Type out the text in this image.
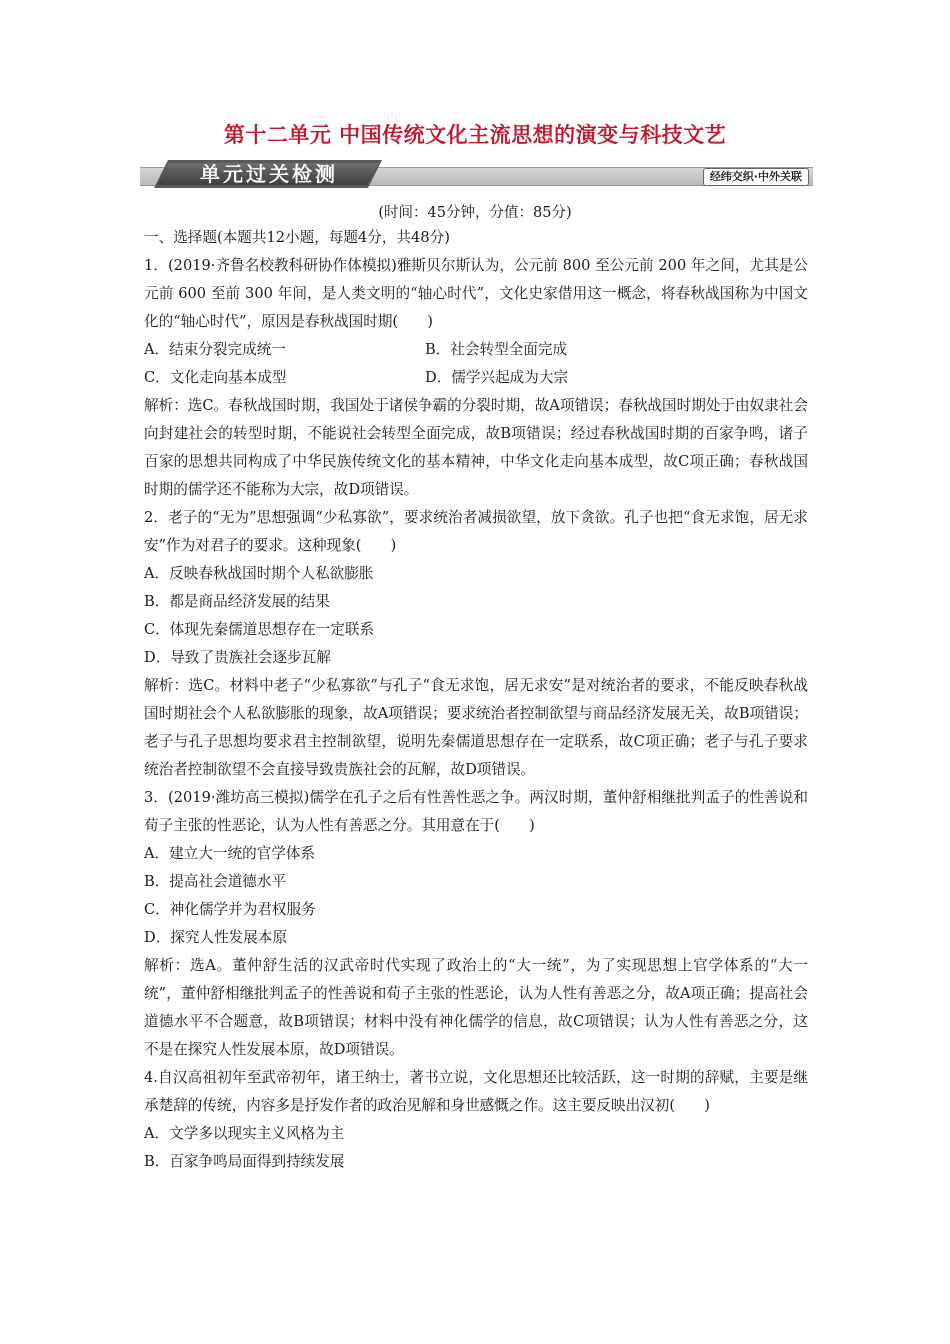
第十二单元 中国传统文化主流思想的演变与科技文艺
单元过关检测	经纬交织·中外关联
(时间：45分钟，分值：85分)

一、选择题(本题共12小题，每题4分，共48分)

1．(2019·齐鲁名校教科研协作体模拟)雅斯贝尔斯认为，公元前 800 至公元前 200 年之间，尤其是公元前 600 至前 300 年间，是人类文明的“轴心时代”，文化史家借用这一概念，将春秋战国称为中国文化的“轴心时代”，原因是春秋战国时期(　　)

A．结束分裂完成统一	B．社会转型全面完成
C．文化走向基本成型	D．儒学兴起成为大宗

解析：选C。春秋战国时期，我国处于诸侯争霸的分裂时期，故A项错误；春秋战国时期处于由奴隶社会向封建社会的转型时期，不能说社会转型全面完成，故B项错误；经过春秋战国时期的百家争鸣，诸子百家的思想共同构成了中华民族传统文化的基本精神，中华文化走向基本成型，故C项正确；春秋战国时期的儒学还不能称为大宗，故D项错误。

2．老子的“无为”思想强调“少私寡欲”，要求统治者减损欲望，放下贪欲。孔子也把“食无求饱，居无求安”作为对君子的要求。这种现象(　　)

A．反映春秋战国时期个人私欲膨胀

B．都是商品经济发展的结果

C．体现先秦儒道思想存在一定联系

D．导致了贵族社会逐步瓦解

解析：选C。材料中老子“少私寡欲”与孔子“食无求饱，居无求安”是对统治者的要求，不能反映春秋战国时期社会个人私欲膨胀的现象，故A项错误；要求统治者控制欲望与商品经济发展无关，故B项错误；老子与孔子思想均要求君主控制欲望，说明先秦儒道思想存在一定联系，故C项正确；老子与孔子要求统治者控制欲望不会直接导致贵族社会的瓦解，故D项错误。

3．(2019·潍坊高三模拟)儒学在孔子之后有性善性恶之争。两汉时期，董仲舒相继批判孟子的性善说和荀子主张的性恶论，认为人性有善恶之分。其用意在于(　　)

A．建立大一统的官学体系

B．提高社会道德水平

C．神化儒学并为君权服务

D．探究人性发展本原

解析：选A。董仲舒生活的汉武帝时代实现了政治上的“大一统”，为了实现思想上官学体系的“大一统”，董仲舒相继批判孟子的性善说和荀子主张的性恶论，认为人性有善恶之分，故A项正确；提高社会道德水平不合题意，故B项错误；材料中没有神化儒学的信息，故C项错误；认为人性有善恶之分，这不是在探究人性发展本原，故D项错误。

4.自汉高祖初年至武帝初年，诸王纳士，著书立说，文化思想还比较活跃，这一时期的辞赋，主要是继承楚辞的传统，内容多是抒发作者的政治见解和身世感慨之作。这主要反映出汉初(　　)

A．文学多以现实主义风格为主

B．百家争鸣局面得到持续发展
